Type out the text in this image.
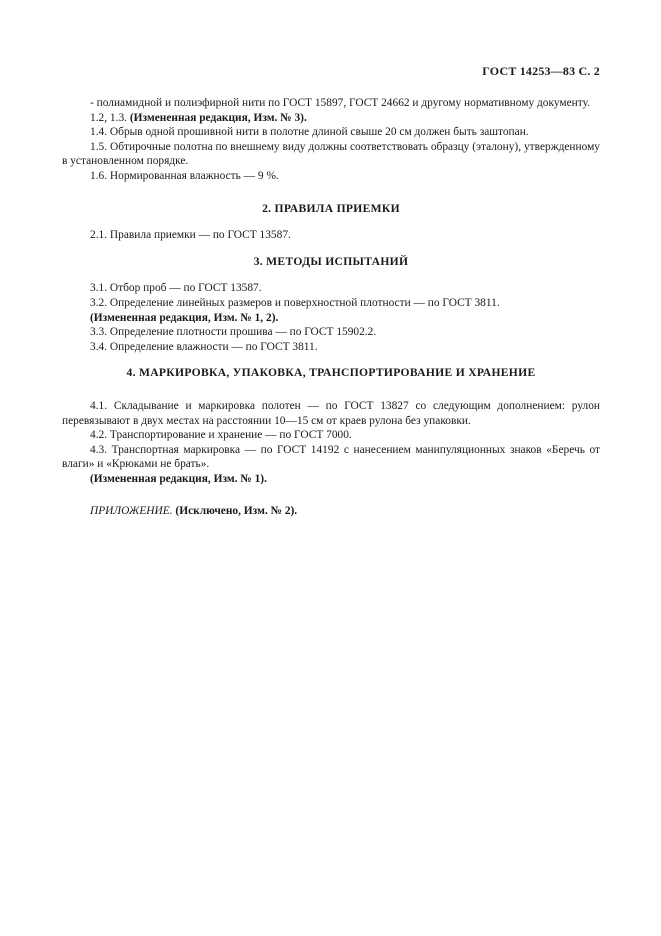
ГОСТ 14253—83 С. 2

- полиамидной и полиэфирной нити по ГОСТ 15897, ГОСТ 24662 и другому нормативному документу.

1.2, 1.3. (Измененная редакция, Изм. № 3).

1.4. Обрыв одной прошивной нити в полотне длиной свыше 20 см должен быть заштопан.

1.5. Обтирочные полотна по внешнему виду должны соответствовать образцу (эталону), утвержденному в установленном порядке.

1.6. Нормированная влажность — 9 %.

2. ПРАВИЛА ПРИЕМКИ

2.1. Правила приемки — по ГОСТ 13587.

3. МЕТОДЫ ИСПЫТАНИЙ

3.1. Отбор проб — по ГОСТ 13587.

3.2. Определение линейных размеров и поверхностной плотности — по ГОСТ 3811.

(Измененная редакция, Изм. № 1, 2).

3.3. Определение плотности прошива — по ГОСТ 15902.2.

3.4. Определение влажности — по ГОСТ 3811.

4. МАРКИРОВКА, УПАКОВКА, ТРАНСПОРТИРОВАНИЕ И ХРАНЕНИЕ

4.1. Складывание и маркировка полотен — по ГОСТ 13827 со следующим дополнением: рулон перевязывают в двух местах на расстоянии 10—15 см от краев рулона без упаковки.

4.2. Транспортирование и хранение — по ГОСТ 7000.

4.3. Транспортная маркировка — по ГОСТ 14192 с нанесением манипуляционных знаков «Беречь от влаги» и «Крюками не брать».

(Измененная редакция, Изм. № 1).

ПРИЛОЖЕНИЕ. (Исключено, Изм. № 2).
